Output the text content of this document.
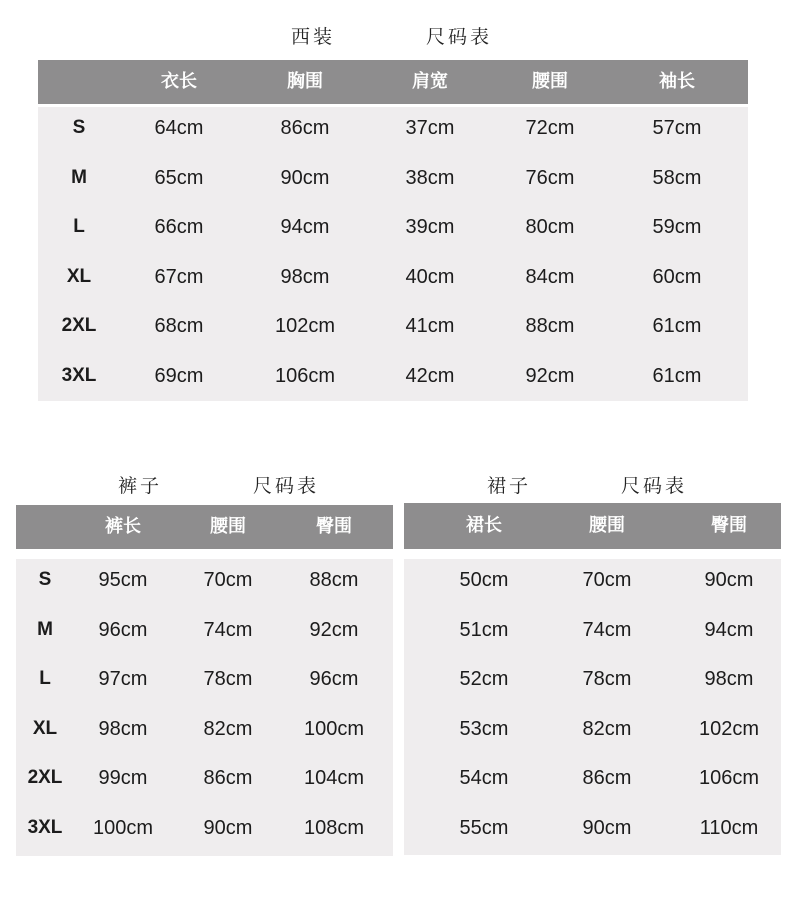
西装	尺码表
裤子	尺码表	裙子	尺码表
衣长	胸围	肩宽	腰围	袖长
S	64cm	86cm	37cm	72cm	57cm
M	65cm	90cm	38cm	76cm	58cm
L	66cm	94cm	39cm	80cm	59cm
XL	67cm	98cm	40cm	84cm	60cm
2XL	68cm	102cm	41cm	88cm	61cm
3XL	69cm	106cm	42cm	92cm	61cm
裤长	腰围	臀围
S 95cm	70cm	88cm
M 96cm	74cm	92cm
L 97cm	78cm	96cm
XL 98cm	82cm	100cm
2XL 99cm	86cm	104cm
3XL 100cm	90cm	108cm
裙长	腰围	臀围
50cm	70cm	90cm
51cm	74cm	94cm
52cm	78cm	98cm
53cm	82cm	102cm
54cm	86cm	106cm
55cm	90cm	110cm
